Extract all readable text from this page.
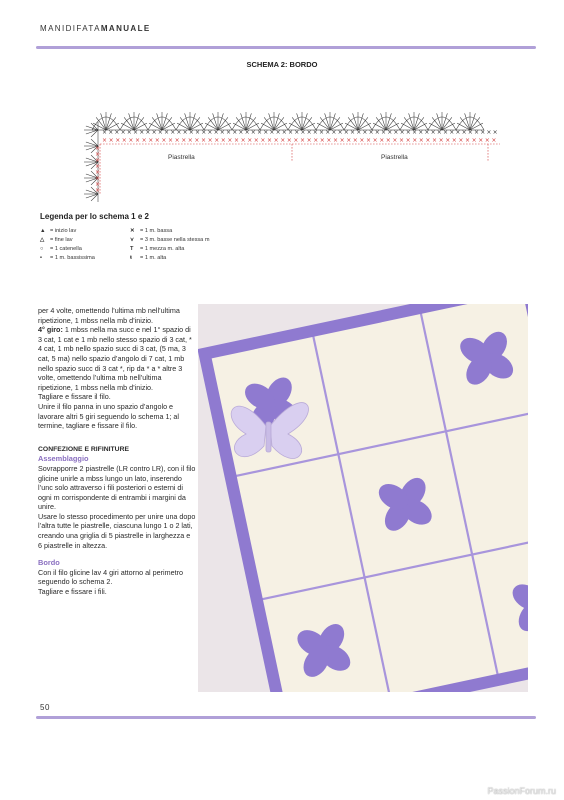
MANIDIFATAMANUALE
SCHEMA 2: BORDO
× × × × × × × × × × × × × × × × × × × × × × × × × × × × × × × × × × × × × × × × × × × × × × × × × × × × × × × × × × × × × × × ×
× × × × × × × × × × × × × × × × × × × × × × × × × × × × × × × × × × × × × × × × × × × × × × × × × × × × × × × × × × × ×
×
×
×
×
×
×
×
×
Piastrella	Piastrella
Legenda per lo schema 1 e 2
▲ = inizio lav
△ = fine lav
○ = 1 catenella
• = 1 m. bassissima
✕ = 1 m. bassa
⋎ = 3 m. basse nella stessa m
T = 1 mezza m. alta
ŧ = 1 m. alta

per 4 volte, omettendo l’ultima mb nell’ultima ripetizione, 1 mbss nella mb d’inizio.

4° giro: 1 mbss nella ma succ e nel 1° spazio di 3 cat, 1 cat e 1 mb nello stesso spazio di 3 cat, * 4 cat, 1 mb nello spazio succ di 3 cat, (5 ma, 3 cat, 5 ma) nello spazio d’angolo di 7 cat, 1 mb nello spazio succ di 3 cat *, rip da * a * altre 3 volte, omettendo l’ultima mb nell’ultima ripetizione, 1 mbss nella mb d’inizio.

Tagliare e fissare il filo.

Unire il filo panna in uno spazio d’angolo e lavorare altri 5 giri seguendo lo schema 1; al termine, tagliare e fissare il filo.

CONFEZIONE E RIFINITURE

Assemblaggio

Sovrapporre 2 piastrelle (LR contro LR), con il filo glicine unirle a mbss lungo un lato, inserendo l’unc solo attraverso i fili posteriori o esterni di ogni m corrispondente di entrambi i margini da unire.

Usare lo stesso procedimento per unire una dopo l’altra tutte le piastrelle, ciascuna lungo 1 o 2 lati, creando una griglia di 5 piastrelle in larghezza e 6 piastrelle in altezza.

Bordo

Con il filo glicine lav 4 giri attorno al perimetro seguendo lo schema 2.

Tagliare e fissare i fili.

50
PassionForum.ru
